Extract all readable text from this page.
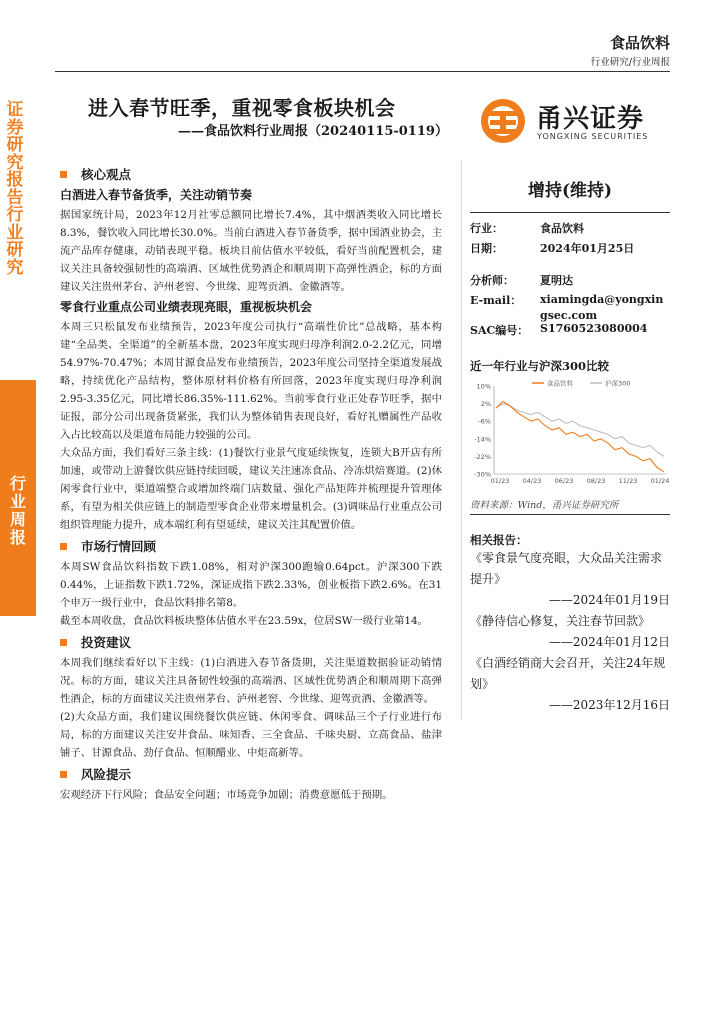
食品饮料
行业研究/行业周报
证券研究报告 行业研究
行业周报
进入春节旺季，重视零食板块机会
——食品饮料行业周报（20240115-0119）	甬兴证券
YONGXING SECURITIES
核心观点
白酒进入春节备货季，关注动销节奏

据国家统计局，2023年12月社零总额同比增长7.4%，其中烟酒类收入同比增长8.3%，餐饮收入同比增长30.0%。当前白酒进入春节备货季，据中国酒业协会，主流产品库存健康，动销表现平稳。板块目前估值水平较低，看好当前配置机会，建议关注具备较强韧性的高端酒、区域性优势酒企和顺周期下高弹性酒企，标的方面建议关注贵州茅台、泸州老窖、今世缘、迎驾贡酒、金徽酒等。

零食行业重点公司业绩表现亮眼，重视板块机会

本周三只松鼠发布业绩预告，2023年度公司执行“高端性价比”总战略，基本构建“全品类、全渠道”的全新基本盘，2023年度实现归母净利润2.0-2.2亿元，同增54.97%-70.47%；本周甘源食品发布业绩预告，2023年度公司坚持全渠道发展战略，持续优化产品结构，整体原材料价格有所回落，2023年度实现归母净利润2.95-3.35亿元，同比增长86.35%-111.62%。当前零食行业正处春节旺季，据中证报，部分公司出现备货紧张，我们认为整体销售表现良好，看好礼赠属性产品收入占比较高以及渠道布局能力较强的公司。

大众品方面，我们看好三条主线：(1)餐饮行业景气度延续恢复，连锁大B开店有所加速，或带动上游餐饮供应链持续回暖，建议关注速冻食品、冷冻烘焙赛道。(2)休闲零食行业中，渠道端整合或增加终端门店数量、强化产品矩阵并梳理提升管理体系，有望为相关供应链上的制造型零食企业带来增量机会。(3)调味品行业重点公司组织管理能力提升，成本端红利有望延续，建议关注其配置价值。

市场行情回顾

本周SW食品饮料指数下跌1.08%，相对沪深300跑输0.64pct。沪深300下跌0.44%，上证指数下跌1.72%，深证成指下跌2.33%，创业板指下跌2.6%。在31个申万一级行业中，食品饮料排名第8。

截至本周收盘，食品饮料板块整体估值水平在23.59x，位居SW一级行业第14。

投资建议

本周我们继续看好以下主线：(1)白酒进入春节备货期，关注渠道数据验证动销情况。标的方面，建议关注具备韧性较强的高端酒、区域性优势酒企和顺周期下高弹性酒企，标的方面建议关注贵州茅台、泸州老窖、今世缘、迎驾贡酒、金徽酒等。

(2)大众品方面，我们建议围绕餐饮供应链、休闲零食、调味品三个子行业进行布局，标的方面建议关注安井食品、味知香、三全食品、千味央厨、立高食品、盐津铺子、甘源食品、劲仔食品、恒顺醋业、中炬高新等。

风险提示

宏观经济下行风险；食品安全问题；市场竞争加剧；消费意愿低于预期。

增持(维持)
行业：	食品饮料
日期：	2024年01月25日
分析师：	夏明达
E-mail：	xiamingda@yongxingsec.com
SAC编号：	S1760523080004
近一年行业与沪深300比较
10%
2%
-6%
-14%
-22%
-30%
01/23 04/23 06/23 08/23 11/23 01/24
食品饮料	沪深300
资料来源：Wind，甬兴证券研究所
相关报告：
《零食景气度亮眼，大众品关注需求提升》
——2024年01月19日
《静待信心修复，关注春节回款》
——2024年01月12日
《白酒经销商大会召开，关注24年规划》
——2023年12月16日
